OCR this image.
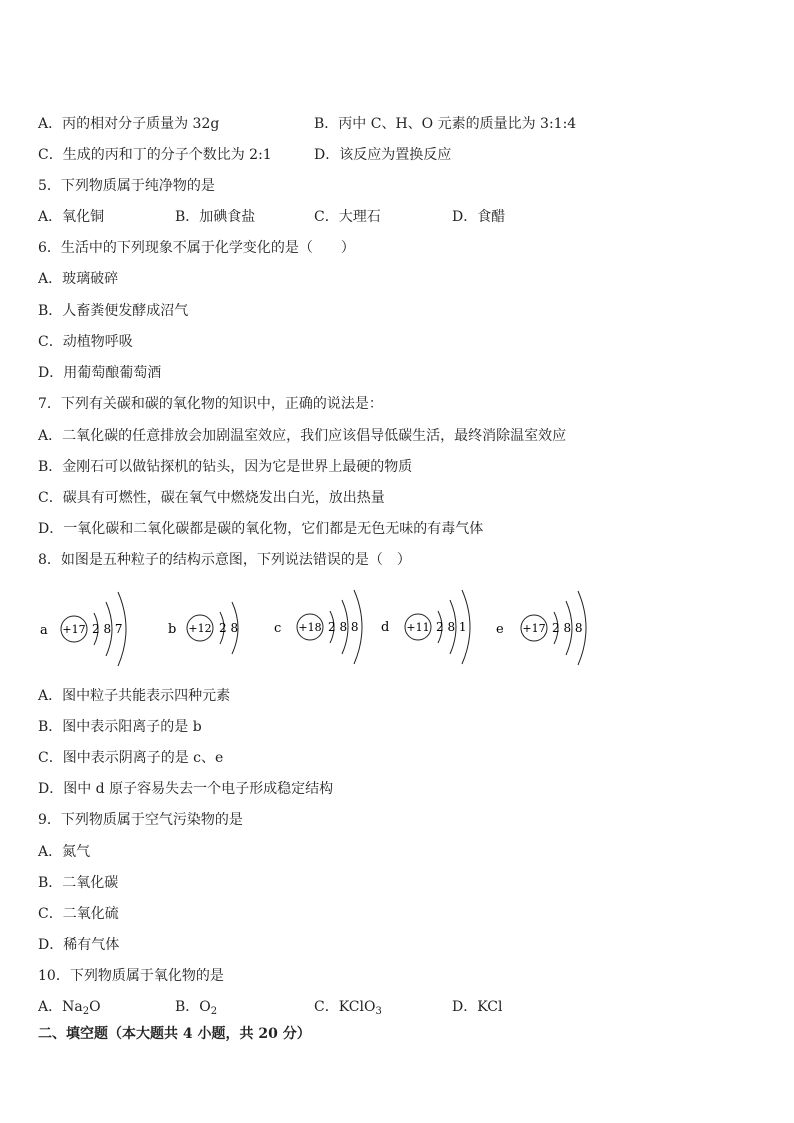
A．丙的相对分子质量为 32g	B．丙中 C、H、O 元素的质量比为 3:1:4
C．生成的丙和丁的分子个数比为 2:1	D．该反应为置换反应
5．下列物质属于纯净物的是
A．氧化铜	B．加碘食盐	C．大理石	D．食醋
6．生活中的下列现象不属于化学变化的是（　　）
A．玻璃破碎
B．人畜粪便发酵成沼气
C．动植物呼吸
D．用葡萄酿葡萄酒
7．下列有关碳和碳的氧化物的知识中，正确的说法是：
A．二氧化碳的任意排放会加剧温室效应，我们应该倡导低碳生活，最终消除温室效应
B．金刚石可以做钻探机的钻头，因为它是世界上最硬的物质
C．碳具有可燃性，碳在氧气中燃烧发出白光，放出热量
D．一氧化碳和二氧化碳都是碳的氧化物，它们都是无色无味的有毒气体
8．如图是五种粒子的结构示意图，下列说法错误的是（　）
a +17 2 8 7	b +12 2 8	c +18 2 8 8 d +11 2 8 1 e +17 2 8 8
A．图中粒子共能表示四种元素
B．图中表示阳离子的是 b
C．图中表示阴离子的是 c、e
D．图中 d 原子容易失去一个电子形成稳定结构
9．下列物质属于空气污染物的是
A．氮气
B．二氧化碳
C．二氧化硫
D．稀有气体
10．下列物质属于氧化物的是
A．$Na_2O$	B．$O_2$	C．KClO$_3$	D．KCl
二、填空题（本大题共 4 小题，共 20 分）
